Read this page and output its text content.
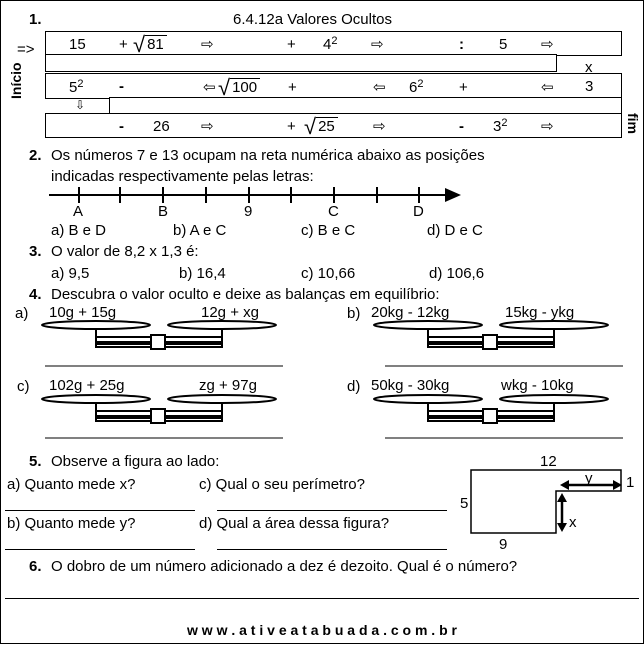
1.	6.4.12a Valores Ocultos
Início
fim
=> 15 + √ 81 ⇨	+ $4^2$ ⇨	: 5 ⇨
x
$5^2$ -	⇦ √ 100 +	⇦ $6^2$ +	⇦ 3
⇩
- 26 ⇨	+ √ 25	⇨	- $3^2$ ⇨
2. Os números 7 e 13 ocupam na reta numérica abaixo as posições
indicadas respectivamente pelas letras:
A	B	9	C	D
a) B e D	b) A e C	c) B e C	d) D e C
3. O valor de 8,2 x 1,3 é:
a) 9,5	b) 16,4	c) 10,66	d) 106,6
4. Descubra o valor oculto e deixe as balanças em equilíbrio:
a) 10g + 15g	12g + xg	b) 20kg - 12kg	15kg - ykg
c) 102g + 25g	zg + 97g	d) 50kg - 30kg	wkg - 10kg
5. Observe a figura ao lado:
a) Quanto mede x?	c) Qual o seu perímetro?
b) Quanto mede y?	d) Qual a área dessa figura?
12
5
9
1
y
x
6. O dobro de um número adicionado a dez é dezoito. Qual é o número?
w w w . a t i v e a t a b u a d a . c o m . b r
